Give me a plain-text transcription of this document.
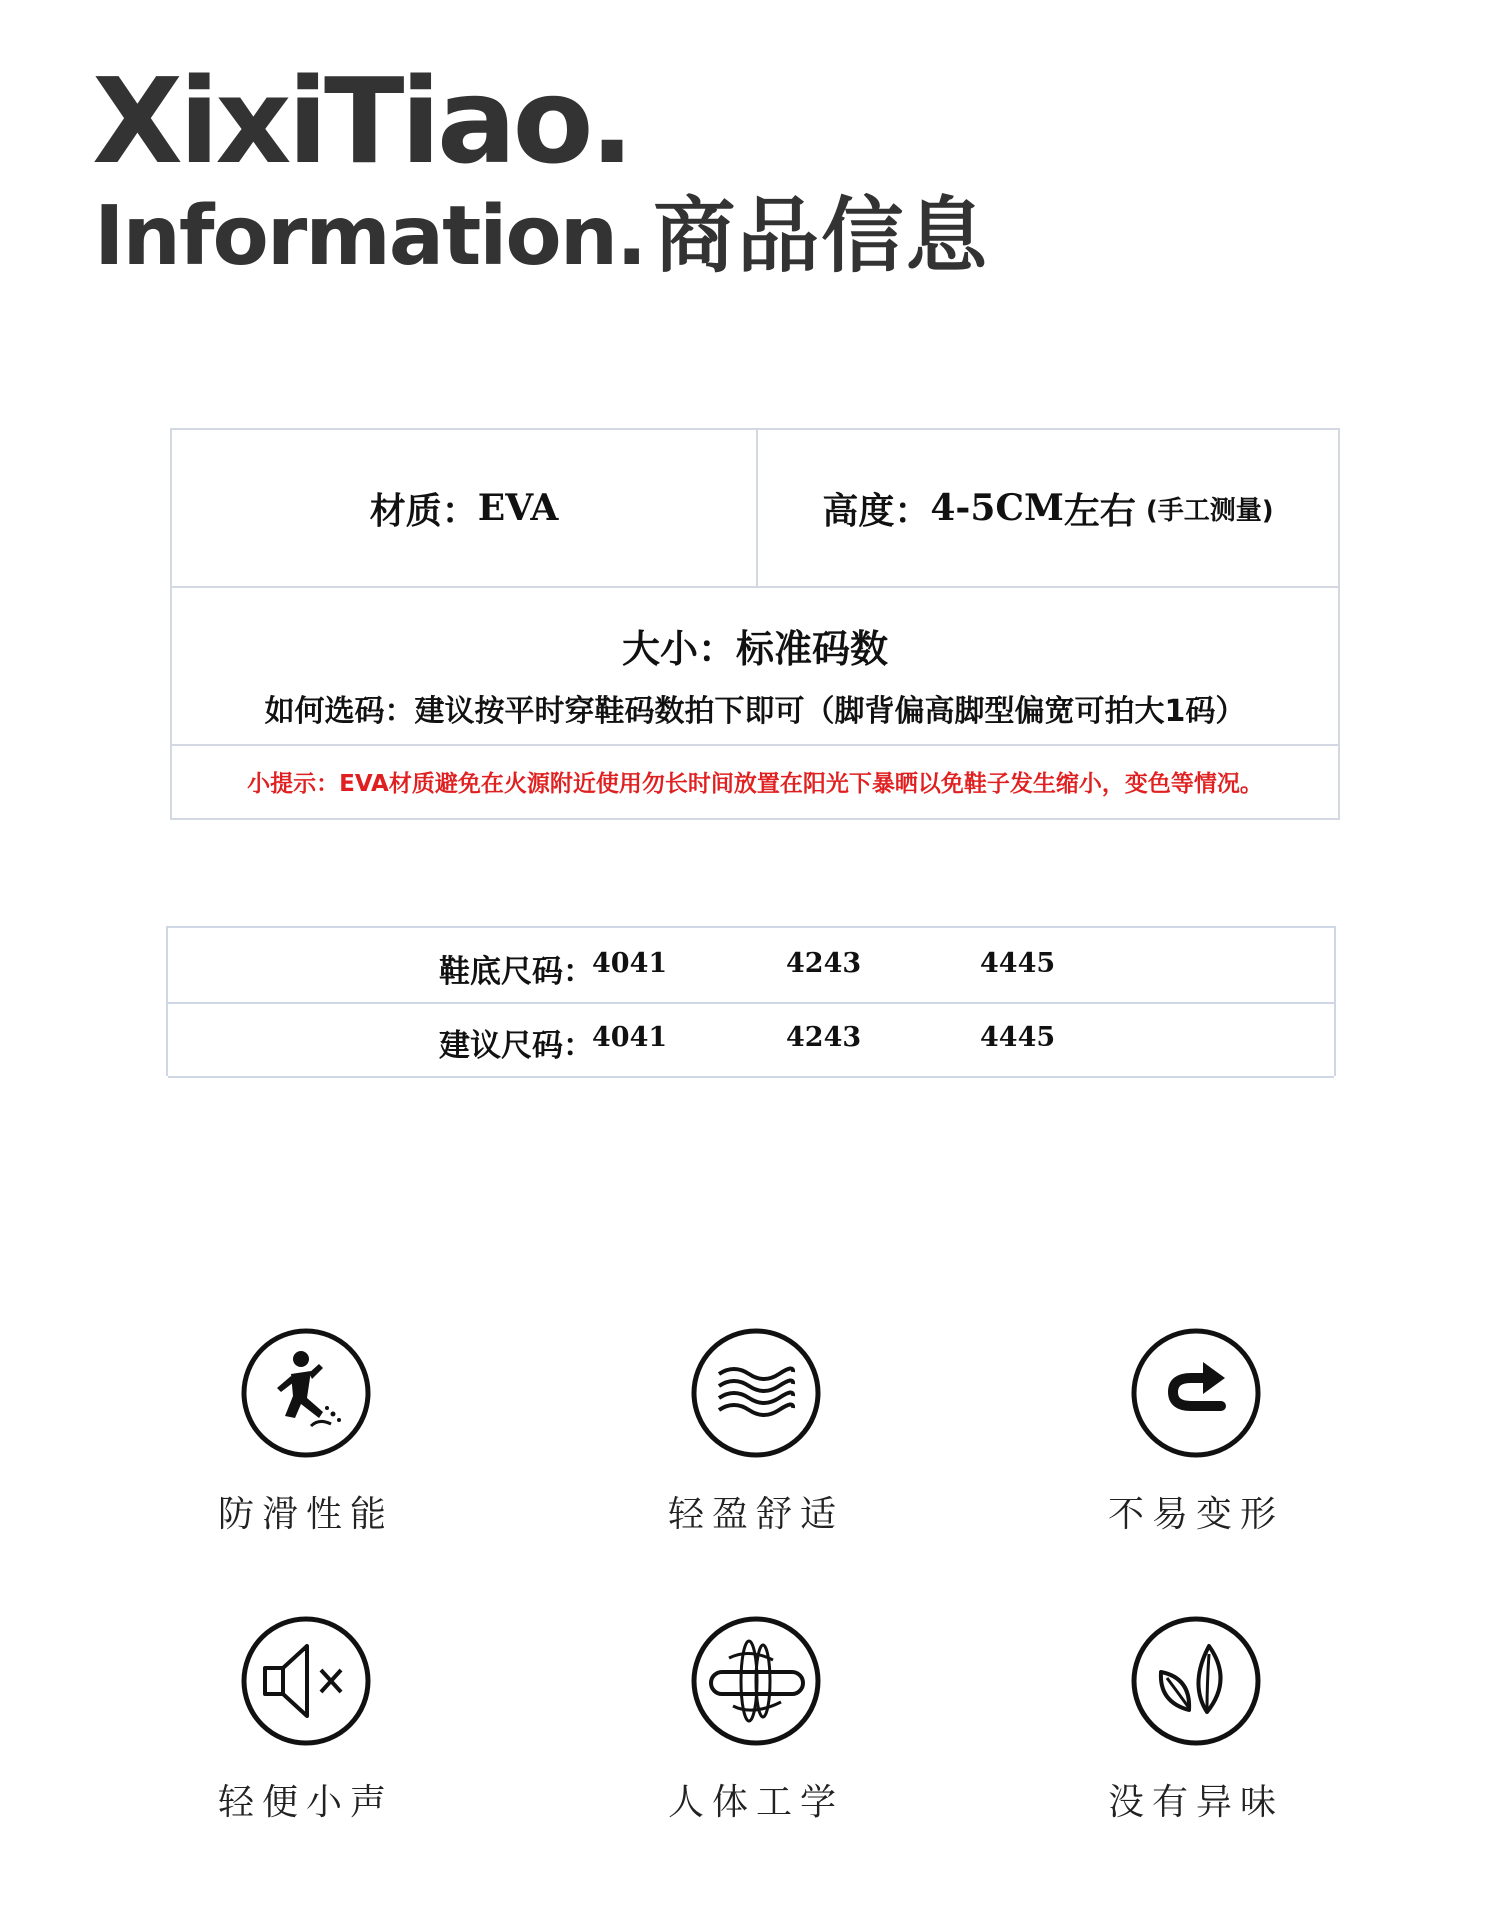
XixiTiao.
Information.商品信息
材质： EVA	高度： 4-5CM 左右 (手工测量)
大小：标准码数
如何选码：建议按平时穿鞋码数拍下即可（脚背偏高脚型偏宽可拍大1码）
小提示：EVA材质避免在火源附近使用勿长时间放置在阳光下暴晒以免鞋子发生缩小，变色等情况。
鞋底尺码：
4041	4243	4445
建议尺码：
4041	4243	4445
防滑性能	轻盈舒适	不易变形
轻便小声	人体工学	没有异味
